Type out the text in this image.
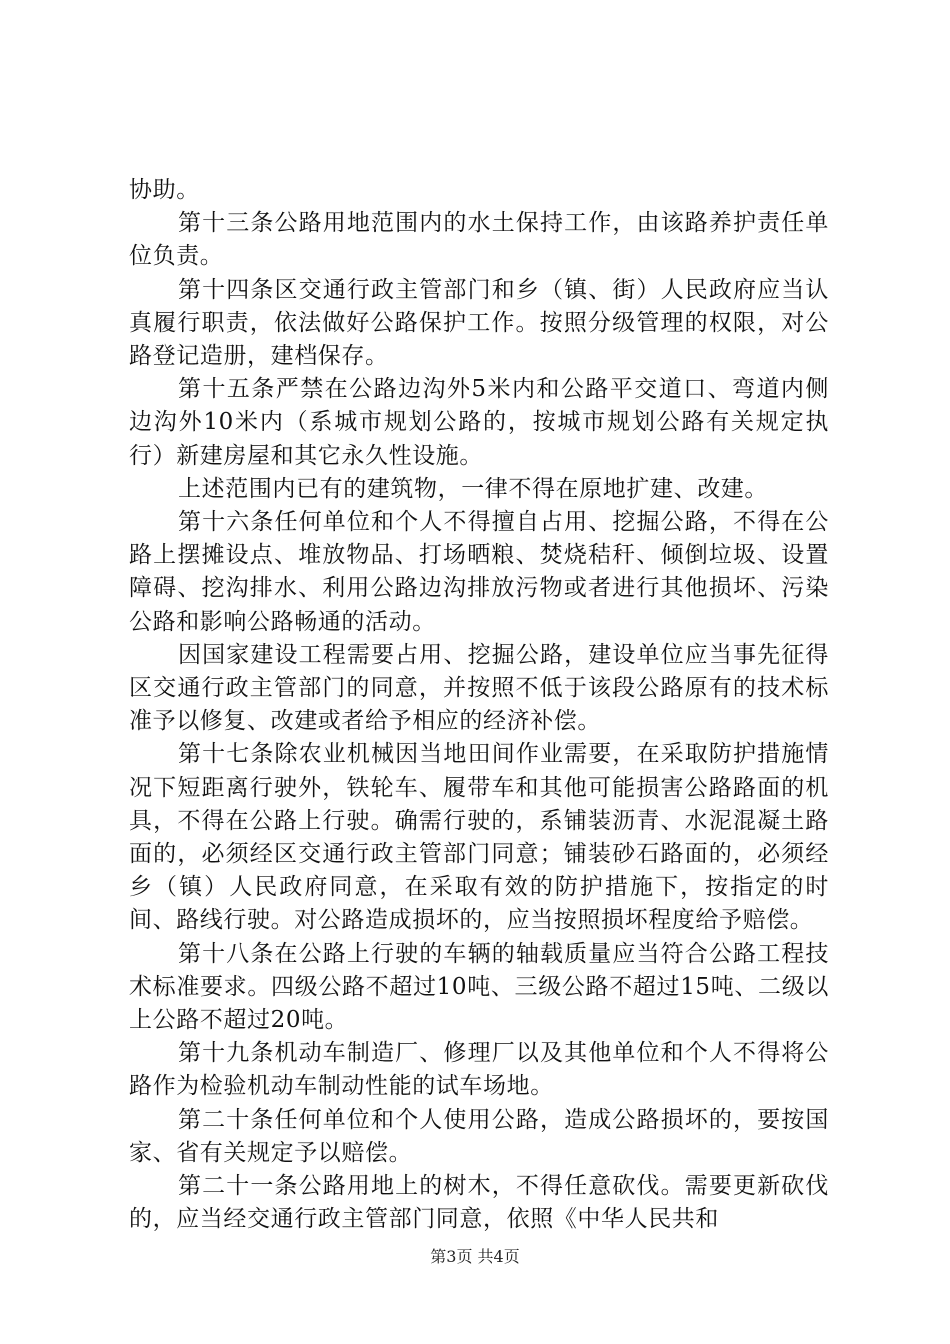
协助。

第十三条公路用地范围内的水土保持工作，由该路养护责任单位负责。

第十四条区交通行政主管部门和乡（镇、街）人民政府应当认真履行职责，依法做好公路保护工作。按照分级管理的权限，对公路登记造册，建档保存。

第十五条严禁在公路边沟外5米内和公路平交道口、弯道内侧边沟外10米内（系城市规划公路的，按城市规划公路有关规定执行）新建房屋和其它永久性设施。

上述范围内已有的建筑物，一律不得在原地扩建、改建。

第十六条任何单位和个人不得擅自占用、挖掘公路，不得在公路上摆摊设点、堆放物品、打场晒粮、焚烧秸秆、倾倒垃圾、设置障碍、挖沟排水、利用公路边沟排放污物或者进行其他损坏、污染公路和影响公路畅通的活动。

因国家建设工程需要占用、挖掘公路，建设单位应当事先征得区交通行政主管部门的同意，并按照不低于该段公路原有的技术标准予以修复、改建或者给予相应的经济补偿。

第十七条除农业机械因当地田间作业需要，在采取防护措施情况下短距离行驶外，铁轮车、履带车和其他可能损害公路路面的机具，不得在公路上行驶。确需行驶的，系铺装沥青、水泥混凝土路面的，必须经区交通行政主管部门同意；铺装砂石路面的，必须经乡（镇）人民政府同意，在采取有效的防护措施下，按指定的时间、路线行驶。对公路造成损坏的，应当按照损坏程度给予赔偿。

第十八条在公路上行驶的车辆的轴载质量应当符合公路工程技术标准要求。四级公路不超过10吨、三级公路不超过15吨、二级以上公路不超过20吨。

第十九条机动车制造厂、修理厂以及其他单位和个人不得将公路作为检验机动车制动性能的试车场地。

第二十条任何单位和个人使用公路，造成公路损坏的，要按国家、省有关规定予以赔偿。

第二十一条公路用地上的树木，不得任意砍伐。需要更新砍伐的，应当经交通行政主管部门同意，依照《中华人民共和

第3页 共4页
